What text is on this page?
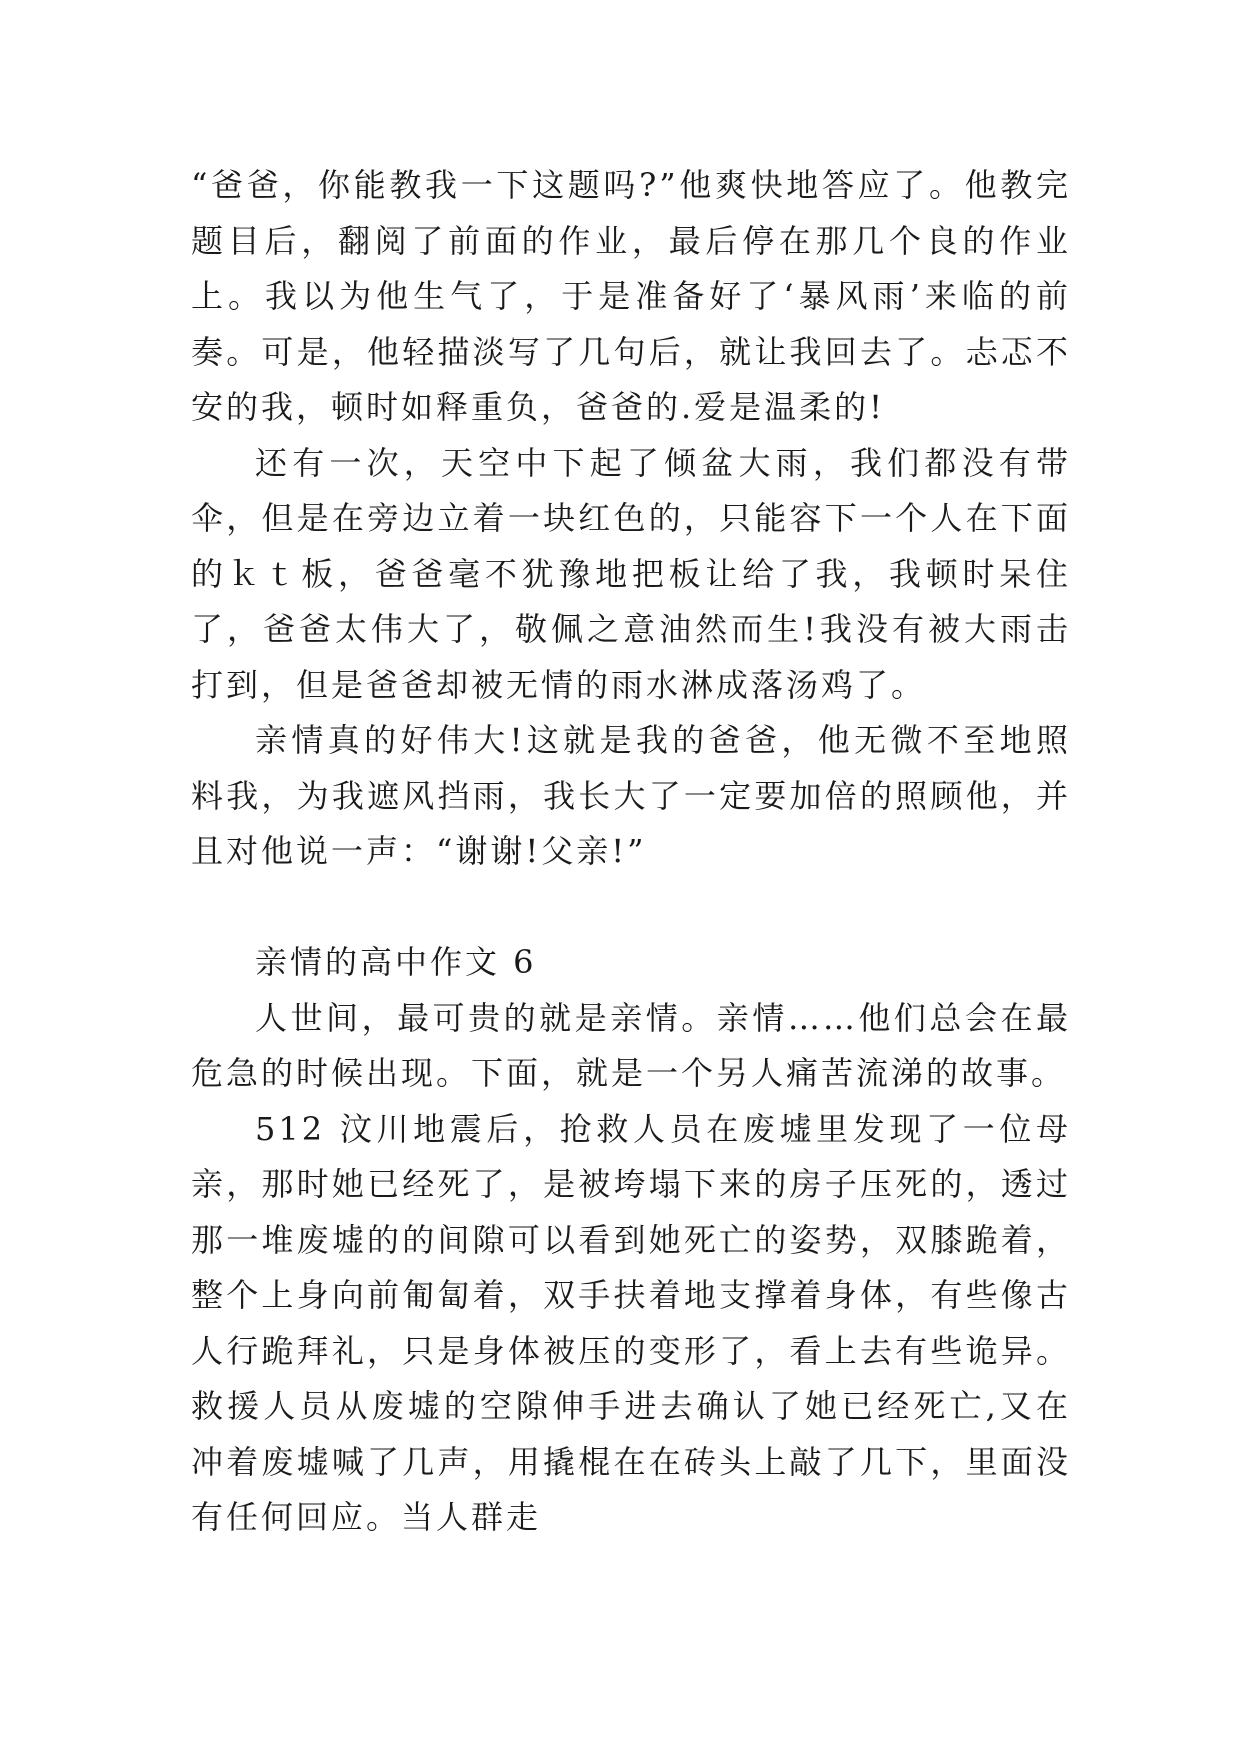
“爸爸，你能教我一下这题吗?”他爽快地答应了。他教完题目后，翻阅了前面的作业，最后停在那几个良的作业上。我以为他生气了，于是准备好了‘暴风雨’来临的前奏。可是，他轻描淡写了几句后，就让我回去了。忐忑不安的我，顿时如释重负，爸爸的.爱是温柔的!

还有一次，天空中下起了倾盆大雨，我们都没有带伞，但是在旁边立着一块红色的，只能容下一个人在下面的ｋｔ板，爸爸毫不犹豫地把板让给了我，我顿时呆住了，爸爸太伟大了，敬佩之意油然而生!我没有被大雨击打到，但是爸爸却被无情的雨水淋成落汤鸡了。

亲情真的好伟大!这就是我的爸爸，他无微不至地照料我，为我遮风挡雨，我长大了一定要加倍的照顾他，并且对他说一声：“谢谢!父亲!”

亲情的高中作文 6

人世间，最可贵的就是亲情。亲情……他们总会在最危急的时候出现。下面，就是一个另人痛苦流涕的故事。

512 汶川地震后，抢救人员在废墟里发现了一位母亲，那时她已经死了，是被垮塌下来的房子压死的，透过那一堆废墟的的间隙可以看到她死亡的姿势，双膝跪着，整个上身向前匍匐着，双手扶着地支撑着身体，有些像古人行跪拜礼，只是身体被压的变形了，看上去有些诡异。救援人员从废墟的空隙伸手进去确认了她已经死亡,又在冲着废墟喊了几声，用撬棍在在砖头上敲了几下，里面没有任何回应。当人群走
